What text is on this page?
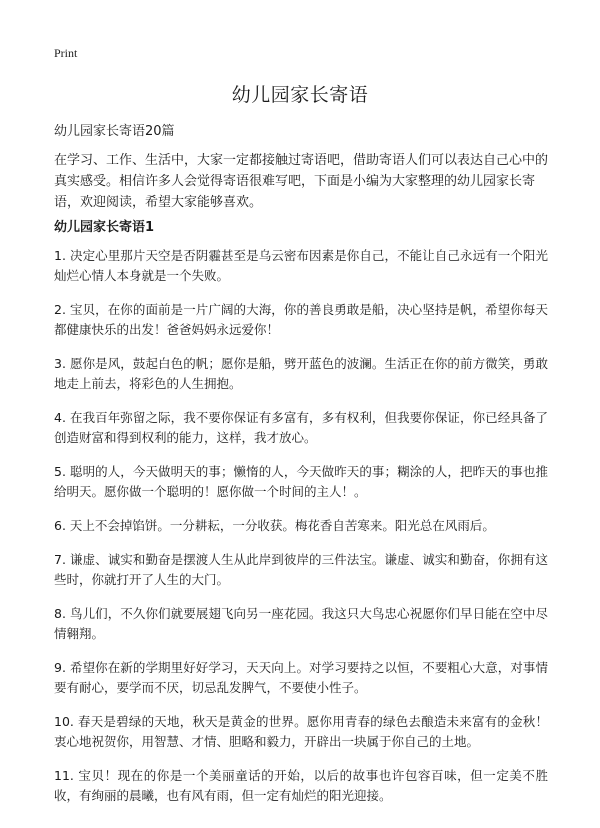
Print
幼儿园家长寄语
幼儿园家长寄语20篇

在学习、工作、生活中，大家一定都接触过寄语吧，借助寄语人们可以表达自己心中的真实感受。相信许多人会觉得寄语很难写吧，下面是小编为大家整理的幼儿园家长寄语，欢迎阅读，希望大家能够喜欢。

幼儿园家长寄语1
1. 决定心里那片天空是否阴霾甚至是乌云密布因素是你自己，不能让自己永远有一个阳光灿烂心情人本身就是一个失败。
2. 宝贝，在你的面前是一片广阔的大海，你的善良勇敢是船，决心坚持是帆，希望你每天都健康快乐的出发！爸爸妈妈永远爱你！
3. 愿你是风，鼓起白色的帆；愿你是船，劈开蓝色的波澜。生活正在你的前方微笑，勇敢地走上前去，将彩色的人生拥抱。
4. 在我百年弥留之际，我不要你保证有多富有，多有权利，但我要你保证，你已经具备了创造财富和得到权利的能力，这样，我才放心。
5. 聪明的人，今天做明天的事；懒惰的人，今天做昨天的事；糊涂的人，把昨天的事也推给明天。愿你做一个聪明的！愿你做一个时间的主人！。
6. 天上不会掉馅饼。一分耕耘，一分收获。梅花香自苦寒来。阳光总在风雨后。
7. 谦虚、诚实和勤奋是摆渡人生从此岸到彼岸的三件法宝。谦虚、诚实和勤奋，你拥有这些时，你就打开了人生的大门。
8. 鸟儿们，不久你们就要展翅飞向另一座花园。我这只大鸟忠心祝愿你们早日能在空中尽情翱翔。
9. 希望你在新的学期里好好学习，天天向上。对学习要持之以恒，不要粗心大意，对事情要有耐心，要学而不厌，切忌乱发脾气，不要使小性子。
10. 春天是碧绿的天地，秋天是黄金的世界。愿你用青春的绿色去酿造未来富有的金秋！衷心地祝贺你，用智慧、才情、胆略和毅力，开辟出一块属于你自己的土地。
11. 宝贝！现在的你是一个美丽童话的开始，以后的故事也许包容百味，但一定美不胜收，有绚丽的晨曦，也有风有雨，但一定有灿烂的阳光迎接。
